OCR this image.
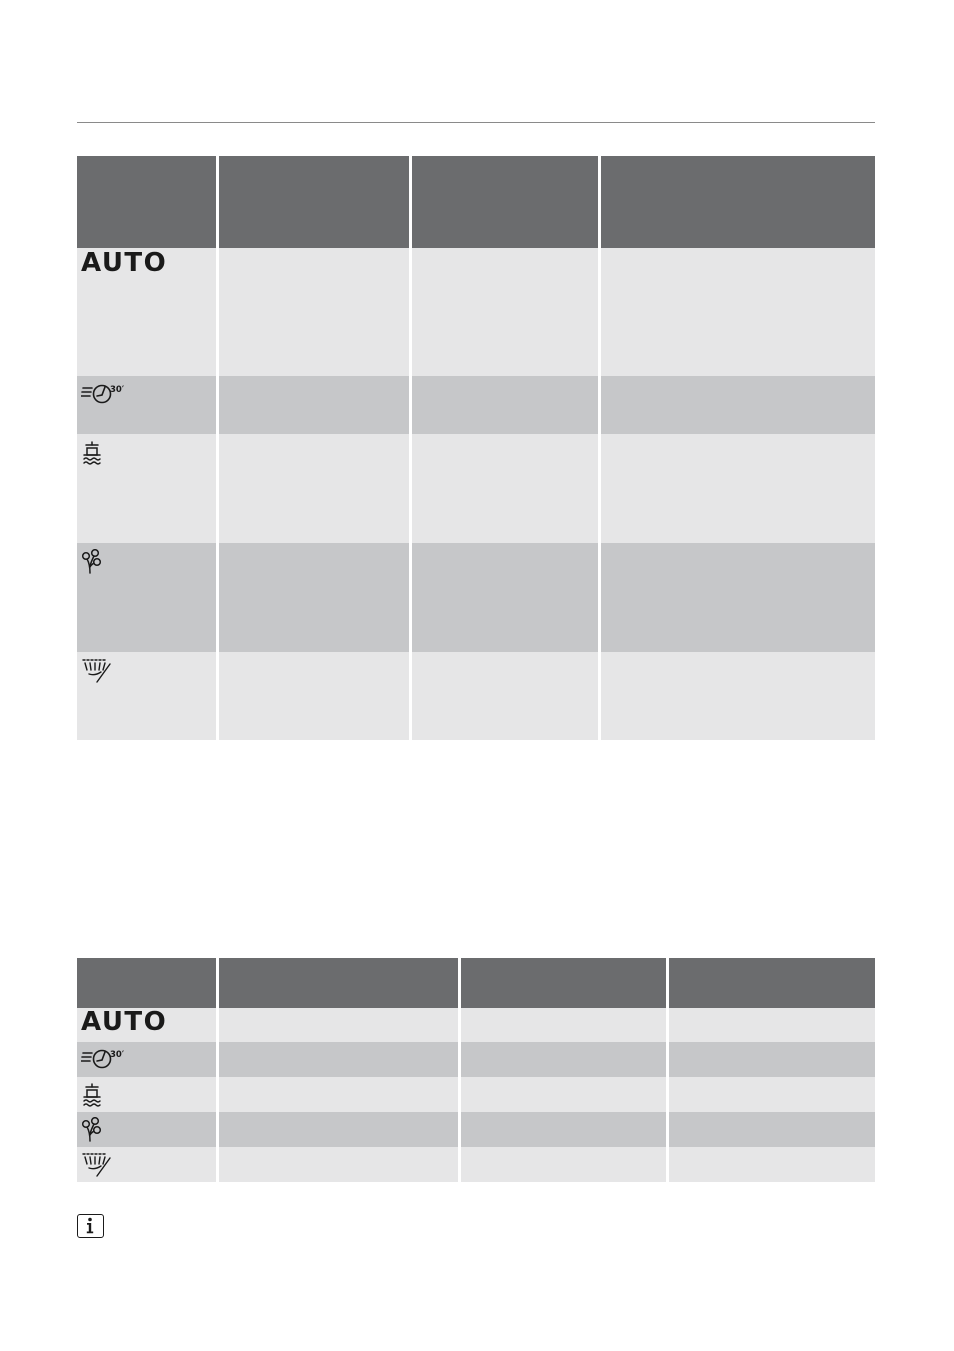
AUTO			

30′			

AUTO			

30′			
